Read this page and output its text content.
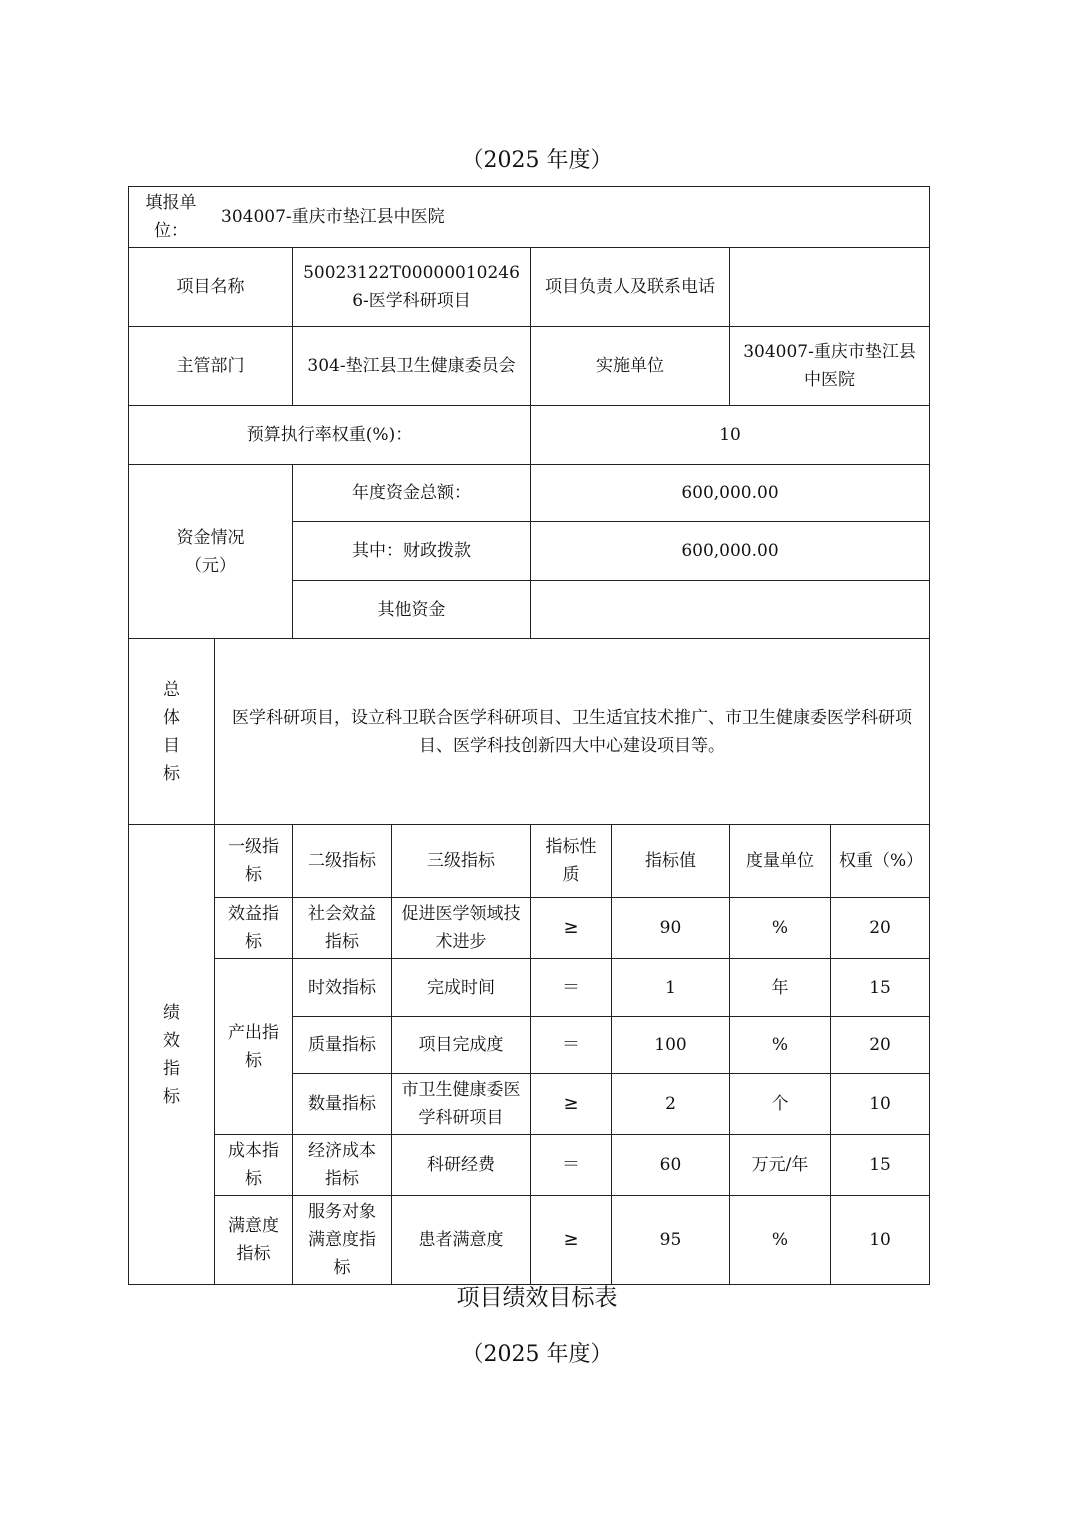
（2025 年度）
填报单位：
304007-重庆市垫江县中医院							

项目名称		50023122T000000102466-医学科研项目		项目负责人及联系电话			
主管部门		304-垫江县卫生健康委员会		实施单位		304007-重庆市垫江县中医院	
预算执行率权重(%)：				10			
资金情况（元）		年度资金总额：		600,000.00			
		其中：财政拨款		600,000.00			
		其他资金					
总体目标	医学科研项目，设立科卫联合医学科研项目、卫生适宜技术推广、市卫生健康委医学科研项目、医学科技创新四大中心建设项目等。						
绩效指标	一级指标	二级指标	三级指标	指标性质	指标值	度量单位	权重（%）
	效益指标	社会效益指标	促进医学领域技术进步	≥	90	%	20
	产出指标	时效指标	完成时间	＝	1	年	15
		质量指标	项目完成度	＝	100	%	20
		数量指标	市卫生健康委医学科研项目	≥	2	个	10
	成本指标	经济成本指标	科研经费	＝	60	万元/年	15
	满意度指标	服务对象满意度指标	患者满意度	≥	95	%	10
项目绩效目标表
（2025 年度）
